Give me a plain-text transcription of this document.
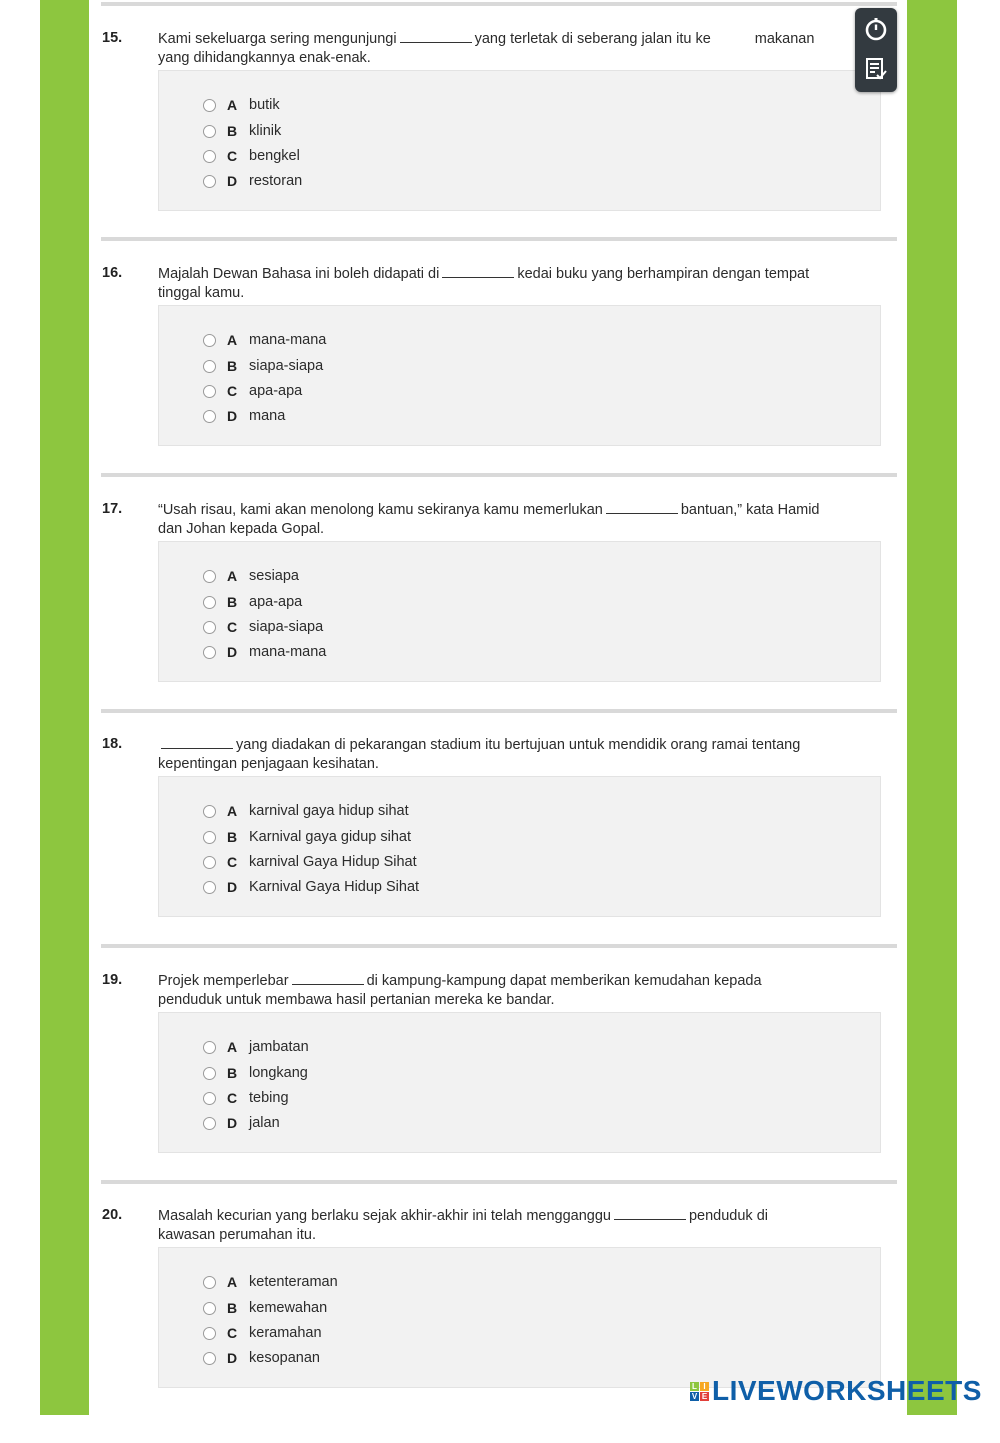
15. Kami sekeluarga sering mengunjungi	yang terletak di seberang jalan itu ke	makanan
yang dihidangkannya enak-enak.
A butik
B klinik
C bengkel
D restoran
16. Majalah Dewan Bahasa ini boleh didapati di	kedai buku yang berhampiran dengan tempat
tinggal kamu.
A mana-mana
B siapa-siapa
C apa-apa
D mana
17. “Usah risau, kami akan menolong kamu sekiranya kamu memerlukan	bantuan,” kata Hamid
dan Johan kepada Gopal.
A sesiapa
B apa-apa
C siapa-siapa
D mana-mana
18.	yang diadakan di pekarangan stadium itu bertujuan untuk mendidik orang ramai tentang
kepentingan penjagaan kesihatan.
A karnival gaya hidup sihat
B Karnival gaya gidup sihat
C karnival Gaya Hidup Sihat
D Karnival Gaya Hidup Sihat
19. Projek memperlebar	di kampung-kampung dapat memberikan kemudahan kepada
penduduk untuk membawa hasil pertanian mereka ke bandar.
A jambatan
B longkang
C tebing
D jalan
20. Masalah kecurian yang berlaku sejak akhir-akhir ini telah mengganggu	penduduk di
kawasan perumahan itu.
A ketenteraman
B kemewahan
C keramahan
D kesopanan
L I
V E LIVEWORKSHEETS
